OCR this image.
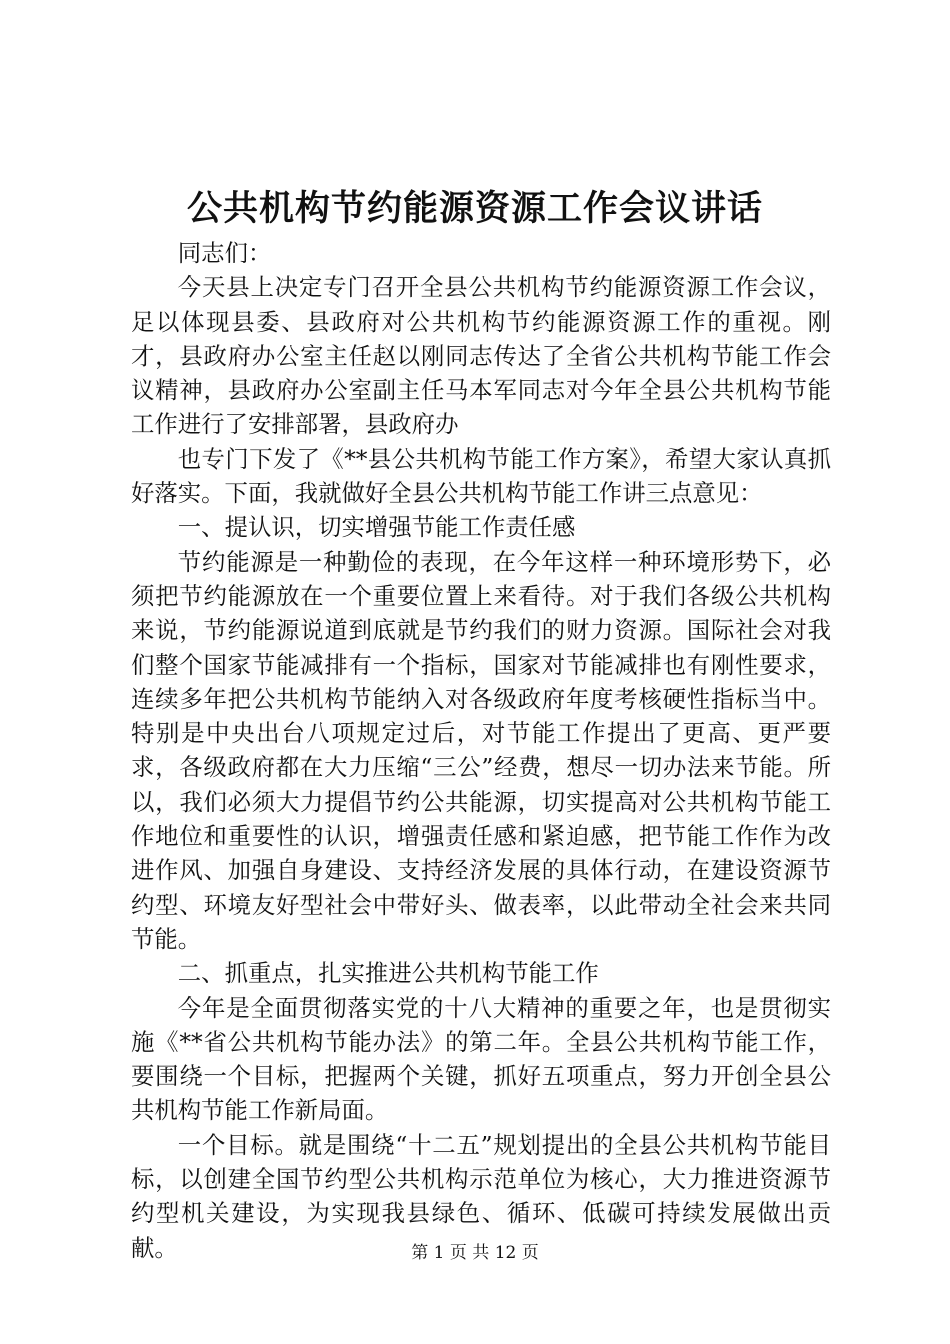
公共机构节约能源资源工作会议讲话

同志们：

今天县上决定专门召开全县公共机构节约能源资源工作会议，足以体现县委、县政府对公共机构节约能源资源工作的重视。刚才，县政府办公室主任赵以刚同志传达了全省公共机构节能工作会议精神，县政府办公室副主任马本军同志对今年全县公共机构节能工作进行了安排部署，县政府办

也专门下发了《**县公共机构节能工作方案》，希望大家认真抓好落实。下面，我就做好全县公共机构节能工作讲三点意见：

一、提认识，切实增强节能工作责任感

节约能源是一种勤俭的表现，在今年这样一种环境形势下，必须把节约能源放在一个重要位置上来看待。对于我们各级公共机构来说，节约能源说道到底就是节约我们的财力资源。国际社会对我们整个国家节能减排有一个指标，国家对节能减排也有刚性要求，连续多年把公共机构节能纳入对各级政府年度考核硬性指标当中。特别是中央出台八项规定过后，对节能工作提出了更高、更严要求，各级政府都在大力压缩“三公”经费，想尽一切办法来节能。所以，我们必须大力提倡节约公共能源，切实提高对公共机构节能工作地位和重要性的认识，增强责任感和紧迫感，把节能工作作为改进作风、加强自身建设、支持经济发展的具体行动，在建设资源节约型、环境友好型社会中带好头、做表率，以此带动全社会来共同节能。

二、抓重点，扎实推进公共机构节能工作

今年是全面贯彻落实党的十八大精神的重要之年，也是贯彻实施《**省公共机构节能办法》的第二年。全县公共机构节能工作，要围绕一个目标，把握两个关键，抓好五项重点，努力开创全县公共机构节能工作新局面。

一个目标。就是围绕“十二五”规划提出的全县公共机构节能目标，以创建全国节约型公共机构示范单位为核心，大力推进资源节约型机关建设，为实现我县绿色、循环、低碳可持续发展做出贡献。	第 1 页 共 12 页
